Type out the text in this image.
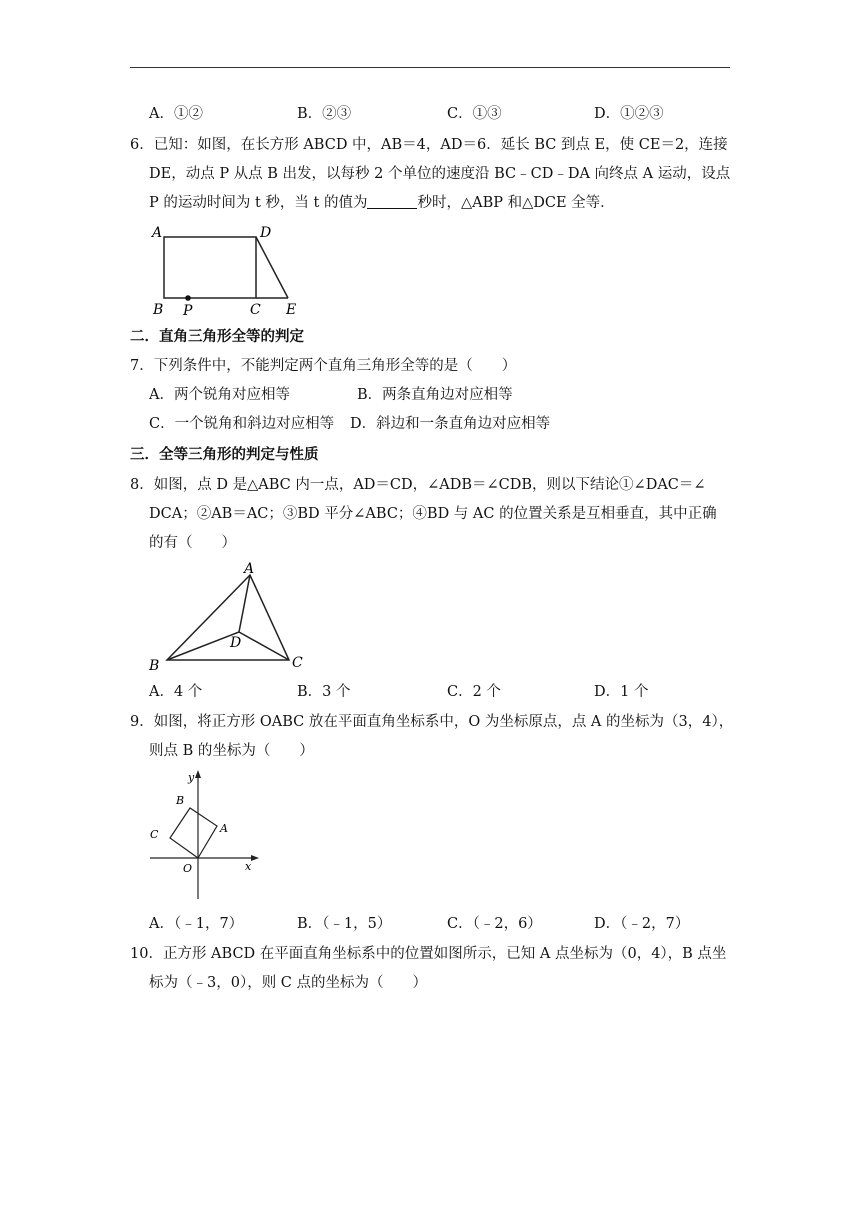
A．①②	B．②③	C．①③	D．①②③
6．已知：如图，在长方形 ABCD 中，AB＝4，AD＝6．延长 BC 到点 E，使 CE＝2，连接
DE，动点 P 从点 B 出发，以每秒 2 个单位的速度沿 BC﹣CD﹣DA 向终点 A 运动，设点
P 的运动时间为 t 秒，当 t 的值为	秒时，△ABP 和△DCE 全等．
A	D
B P	C E
二．直角三角形全等的判定
7．下列条件中，不能判定两个直角三角形全等的是（　　）
A．两个锐角对应相等	B．两条直角边对应相等
C．一个锐角和斜边对应相等 D．斜边和一条直角边对应相等
三．全等三角形的判定与性质
8．如图，点 D 是△ABC 内一点，AD＝CD，∠ADB＝∠CDB，则以下结论①∠DAC＝∠
DCA；②AB＝AC；③BD 平分∠ABC；④BD 与 AC 的位置关系是互相垂直，其中正确
的有（　　）
A
B	C
D
A．4 个	B．3 个	C．2 个	D．1 个
9．如图，将正方形 OABC 放在平面直角坐标系中，O 为坐标原点，点 A 的坐标为（3，4），
则点 B 的坐标为（　　）
y
x
O
A
B
C
A．（﹣1，7）	B．（﹣1，5）	C．（﹣2，6）	D．（﹣2，7）
10．正方形 ABCD 在平面直角坐标系中的位置如图所示，已知 A 点坐标为（0，4），B 点坐
标为（﹣3，0），则 C 点的坐标为（　　）
